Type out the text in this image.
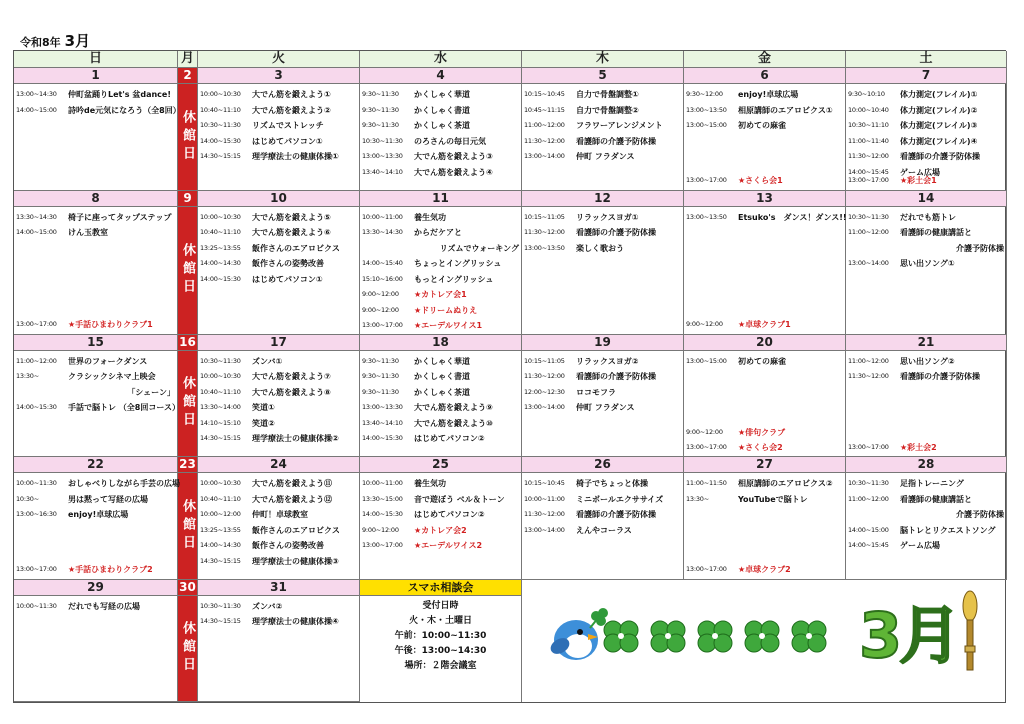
令和8年 3月
日	月	火	水	木	金	土
1
13:00~14:30	仲町盆踊りLet's 盆dance!
14:00~15:00	詩吟de元気になろう（全8回）
2
休館日
3
10:00~10:30	大でん筋を鍛えよう①
10:40~11:10	大でん筋を鍛えよう②
10:30~11:30	リズムでストレッチ
14:00~15:30	はじめてパソコン①
14:30~15:15	理学療法士の健康体操①
4
9:30~11:30	かくしゃく華道
9:30~11:30	かくしゃく書道
9:30~11:30	かくしゃく茶道
10:30~11:30	のろさんの毎日元気
13:00~13:30	大でん筋を鍛えよう③
13:40~14:10	大でん筋を鍛えよう④
5
10:15~10:45	自力で骨盤調整①
10:45~11:15	自力で骨盤調整②
11:00~12:00	フラワーアレンジメント
11:30~12:00	看護師の介護予防体操
13:00~14:00	仲町 フラダンス
6
9:30~12:00	enjoy!卓球広場
13:00~13:50	相原講師のエアロビクス①
13:00~15:00	初めての麻雀
13:00~17:00	★さくら会1
7
9:30~10:10	体力測定(フレイル)①
10:00~10:40	体力測定(フレイル)②
10:30~11:10	体力測定(フレイル)③
11:00~11:40	体力測定(フレイル)④
11:30~12:00	看護師の介護予防体操
14:00~15:45	ゲーム広場
13:00~17:00	★彩土会1
8
13:30~14:30	椅子に座ってタップステップ
14:00~15:00	けん玉教室
13:00~17:00	★手話ひまわりクラブ1
9
休館日
10
10:00~10:30	大でん筋を鍛えよう⑤
10:40~11:10	大でん筋を鍛えよう⑥
13:25~13:55	飯作さんのエアロビクス
14:00~14:30	飯作さんの姿勢改善
14:00~15:30	はじめてパソコン①
11
10:00~11:00	養生気功
13:30~14:30	からだケアと
リズムでウォーキング
14:00~15:40	ちょっとイングリッシュ
15:10~16:00	もっとイングリッシュ
9:00~12:00	★カトレア会1
9:00~12:00	★ドリームぬりえ
13:00~17:00	★エーデルワイス1
12
10:15~11:05	リラックスヨガ①
11:30~12:00	看護師の介護予防体操
13:00~13:50	楽しく歌おう
13
13:00~13:50	Etsuko's　ダンス！ダンス!!
9:00~12:00	★卓球クラブ1
14
10:30~11:30	だれでも筋トレ
11:00~12:00	看護師の健康講話と
介護予防体操
13:00~14:00	思い出ソング①
15
11:00~12:00	世界のフォークダンス
13:30~	クラシックシネマ上映会
「シェーン」
14:00~15:30	手話で脳トレ （全8回コース）
16
休館日
17
10:30~11:30	ズンバ①
10:00~10:30	大でん筋を鍛えよう⑦
10:40~11:10	大でん筋を鍛えよう⑧
13:30~14:00	笑道①
14:10~15:10	笑道②
14:30~15:15	理学療法士の健康体操②
18
9:30~11:30	かくしゃく華道
9:30~11:30	かくしゃく書道
9:30~11:30	かくしゃく茶道
13:00~13:30	大でん筋を鍛えよう⑨
13:40~14:10	大でん筋を鍛えよう⑩
14:00~15:30	はじめてパソコン②
19
10:15~11:05	リラックスヨガ②
11:30~12:00	看護師の介護予防体操
12:00~12:30	ロコモフラ
13:00~14:00	仲町 フラダンス
20
13:00~15:00	初めての麻雀
9:00~12:00	★俳句クラブ
13:00~17:00	★さくら会2
21
11:00~12:00	思い出ソング②
11:30~12:00	看護師の介護予防体操
13:00~17:00	★彩土会2
22
10:00~11:30	おしゃべりしながら手芸の広場
10:30~	男は黙って写経の広場
13:00~16:30	enjoy!卓球広場
13:00~17:00	★手話ひまわりクラブ2
23
休館日
24
10:00~10:30	大でん筋を鍛えよう⑪
10:40~11:10	大でん筋を鍛えよう⑫
10:00~12:00	仲町！卓球教室
13:25~13:55	飯作さんのエアロビクス
14:00~14:30	飯作さんの姿勢改善
14:30~15:15	理学療法士の健康体操③
25
10:00~11:00	養生気功
13:30~15:00	音で遊ぼう ベル＆トーン
14:00~15:30	はじめてパソコン②
9:00~12:00	★カトレア会2
13:00~17:00	★エーデルワイス2
26
10:15~10:45	椅子でちょっと体操
10:00~11:00	ミニボールエクササイズ
11:30~12:00	看護師の介護予防体操
13:00~14:00	えんやコーラス
27
11:00~11:50	相原講師のエアロビクス②
13:30~	YouTubeで脳トレ
13:00~17:00	★卓球クラブ2
28
10:30~11:30	足指トレーニング
11:00~12:00	看護師の健康講話と
介護予防体操
14:00~15:00	脳トレとリクエストソング
14:00~15:45	ゲーム広場
29
10:00~11:30	だれでも写経の広場
30
休館日
31
10:30~11:30	ズンバ②
14:30~15:15	理学療法士の健康体操④
スマホ相談会
受付日時
火・木・土曜日
午前：10:00~11:30
午後：13:00~14:30
場所：２階会議室	3月
